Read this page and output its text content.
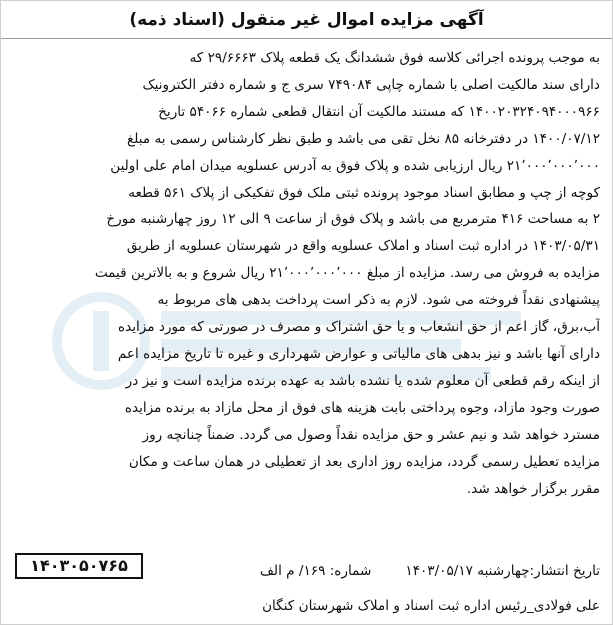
آگهی مزایده اموال غیر منقول (اسناد ذمه)
به موجب پرونده اجرائی کلاسه فوق ششدانگ یک قطعه پلاک ۲۹/۶۶۶۳ که
دارای سند مالکیت اصلی با شماره چاپی ۷۴۹۰۸۴ سری ج و شماره دفتر الکترونیک
۱۴۰۰۲۰۳۲۴۰۹۴۰۰۰۹۶۶ که مستند مالکیت آن انتقال قطعی شماره ۵۴۰۶۶ تاریخ
۱۴۰۰/۰۷/۱۲ در دفترخانه ۸۵ نخل تقی می باشد و طبق نظر کارشناس رسمی به مبلغ
۲۱٬۰۰۰٬۰۰۰٬۰۰۰ ریال ارزیابی شده و پلاک فوق به آدرس عسلویه میدان امام علی اولین
کوچه از چپ و مطابق اسناد موجود پرونده ثبتی ملک فوق تفکیکی از پلاک ۵۶۱ قطعه
۲ به مساحت ۴۱۶ مترمربع می باشد و پلاک فوق از ساعت ۹ الی ۱۲ روز چهارشنبه مورخ
۱۴۰۳/۰۵/۳۱ در اداره ثبت اسناد و املاک عسلویه واقع در شهرستان عسلویه از طریق
مزایده به فروش می رسد. مزایده از مبلغ ۲۱٬۰۰۰٬۰۰۰٬۰۰۰ ریال شروع و به بالاترین قیمت
پیشنهادی نقداً فروخته می شود. لازم به ذکر است پرداخت بدهی های مربوط به
آب،برق، گاز اعم از حق انشعاب و یا حق اشتراک و مصرف در صورتی که مورد مزایده
دارای آنها باشد و نیز بدهی های مالیاتی و عوارض شهرداری و غیره تا تاریخ مزایده اعم
از اینکه رقم قطعی آن معلوم شده یا نشده باشد به عهده برنده مزایده است و نیز در
صورت وجود مازاد، وجوه پرداختی بابت هزینه های فوق از محل مازاد به برنده مزایده
مسترد خواهد شد و نیم عشر و حق مزایده نقداً وصول می گردد. ضمناً چنانچه روز
مزایده تعطیل رسمی گردد، مزایده روز اداری بعد از تعطیلی در همان ساعت و مکان
مقرر برگزار خواهد شد.
تاریخ انتشار:چهارشنبه ۱۴۰۳/۰۵/۱۷
شماره: ۱۶۹/ م الف
۱۴۰۳۰۵۰۷۶۵
علی فولادی_رئیس اداره ثبت اسناد و املاک شهرستان کنگان
